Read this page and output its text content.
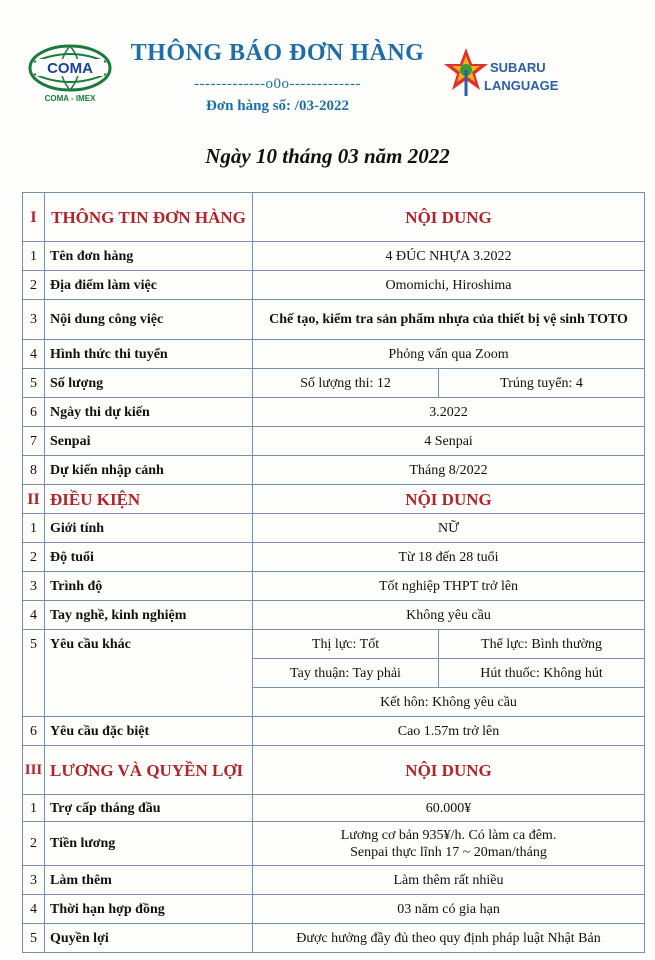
COMA
COMA - IMEX
THÔNG BÁO ĐƠN HÀNG
-------------o0o-------------
Đơn hàng số: /03-2022
SUBARU
LANGUAGE
Ngày 10 tháng 03 năm 2022
I	THÔNG TIN ĐƠN HÀNG	NỘI DUNG	
1	Tên đơn hàng	4 ĐÚC NHỰA 3.2022	
2	Địa điểm làm việc	Omomichi, Hiroshima	
3	Nội dung công việc	Chế tạo, kiểm tra sản phẩm nhựa của thiết bị vệ sinh TOTO	
4	Hình thức thi tuyển	Phỏng vấn qua Zoom	
5	Số lượng	Số lượng thi: 12	Trúng tuyển: 4
6	Ngày thi dự kiến	3.2022	
7	Senpai	4 Senpai	
8	Dự kiến nhập cảnh	Tháng 8/2022	
II	ĐIỀU KIỆN	NỘI DUNG	
1	Giới tính	NỮ	
2	Độ tuổi	Từ 18 đến 28 tuổi	
3	Trình độ	Tốt nghiệp THPT trở lên	
4	Tay nghề, kinh nghiệm	Không yêu cầu	
5	Yêu cầu khác	Thị lực: Tốt	Thể lực: Bình thường
		Tay thuận: Tay phải	Hút thuốc: Không hút
		Kết hôn: Không yêu cầu	
6	Yêu cầu đặc biệt	Cao 1.57m trở lên	
III	LƯƠNG VÀ QUYỀN LỢI	NỘI DUNG	
1	Trợ cấp tháng đầu	60.000¥	
2	Tiền lương	Lương cơ bản 935¥/h. Có làm ca đêm.
Senpai thực lĩnh 17 ~ 20man/tháng	

3	Làm thêm	Làm thêm rất nhiều	
4	Thời hạn hợp đồng	03 năm có gia hạn	
5	Quyền lợi	Được hưởng đầy đủ theo quy định pháp luật Nhật Bản	
